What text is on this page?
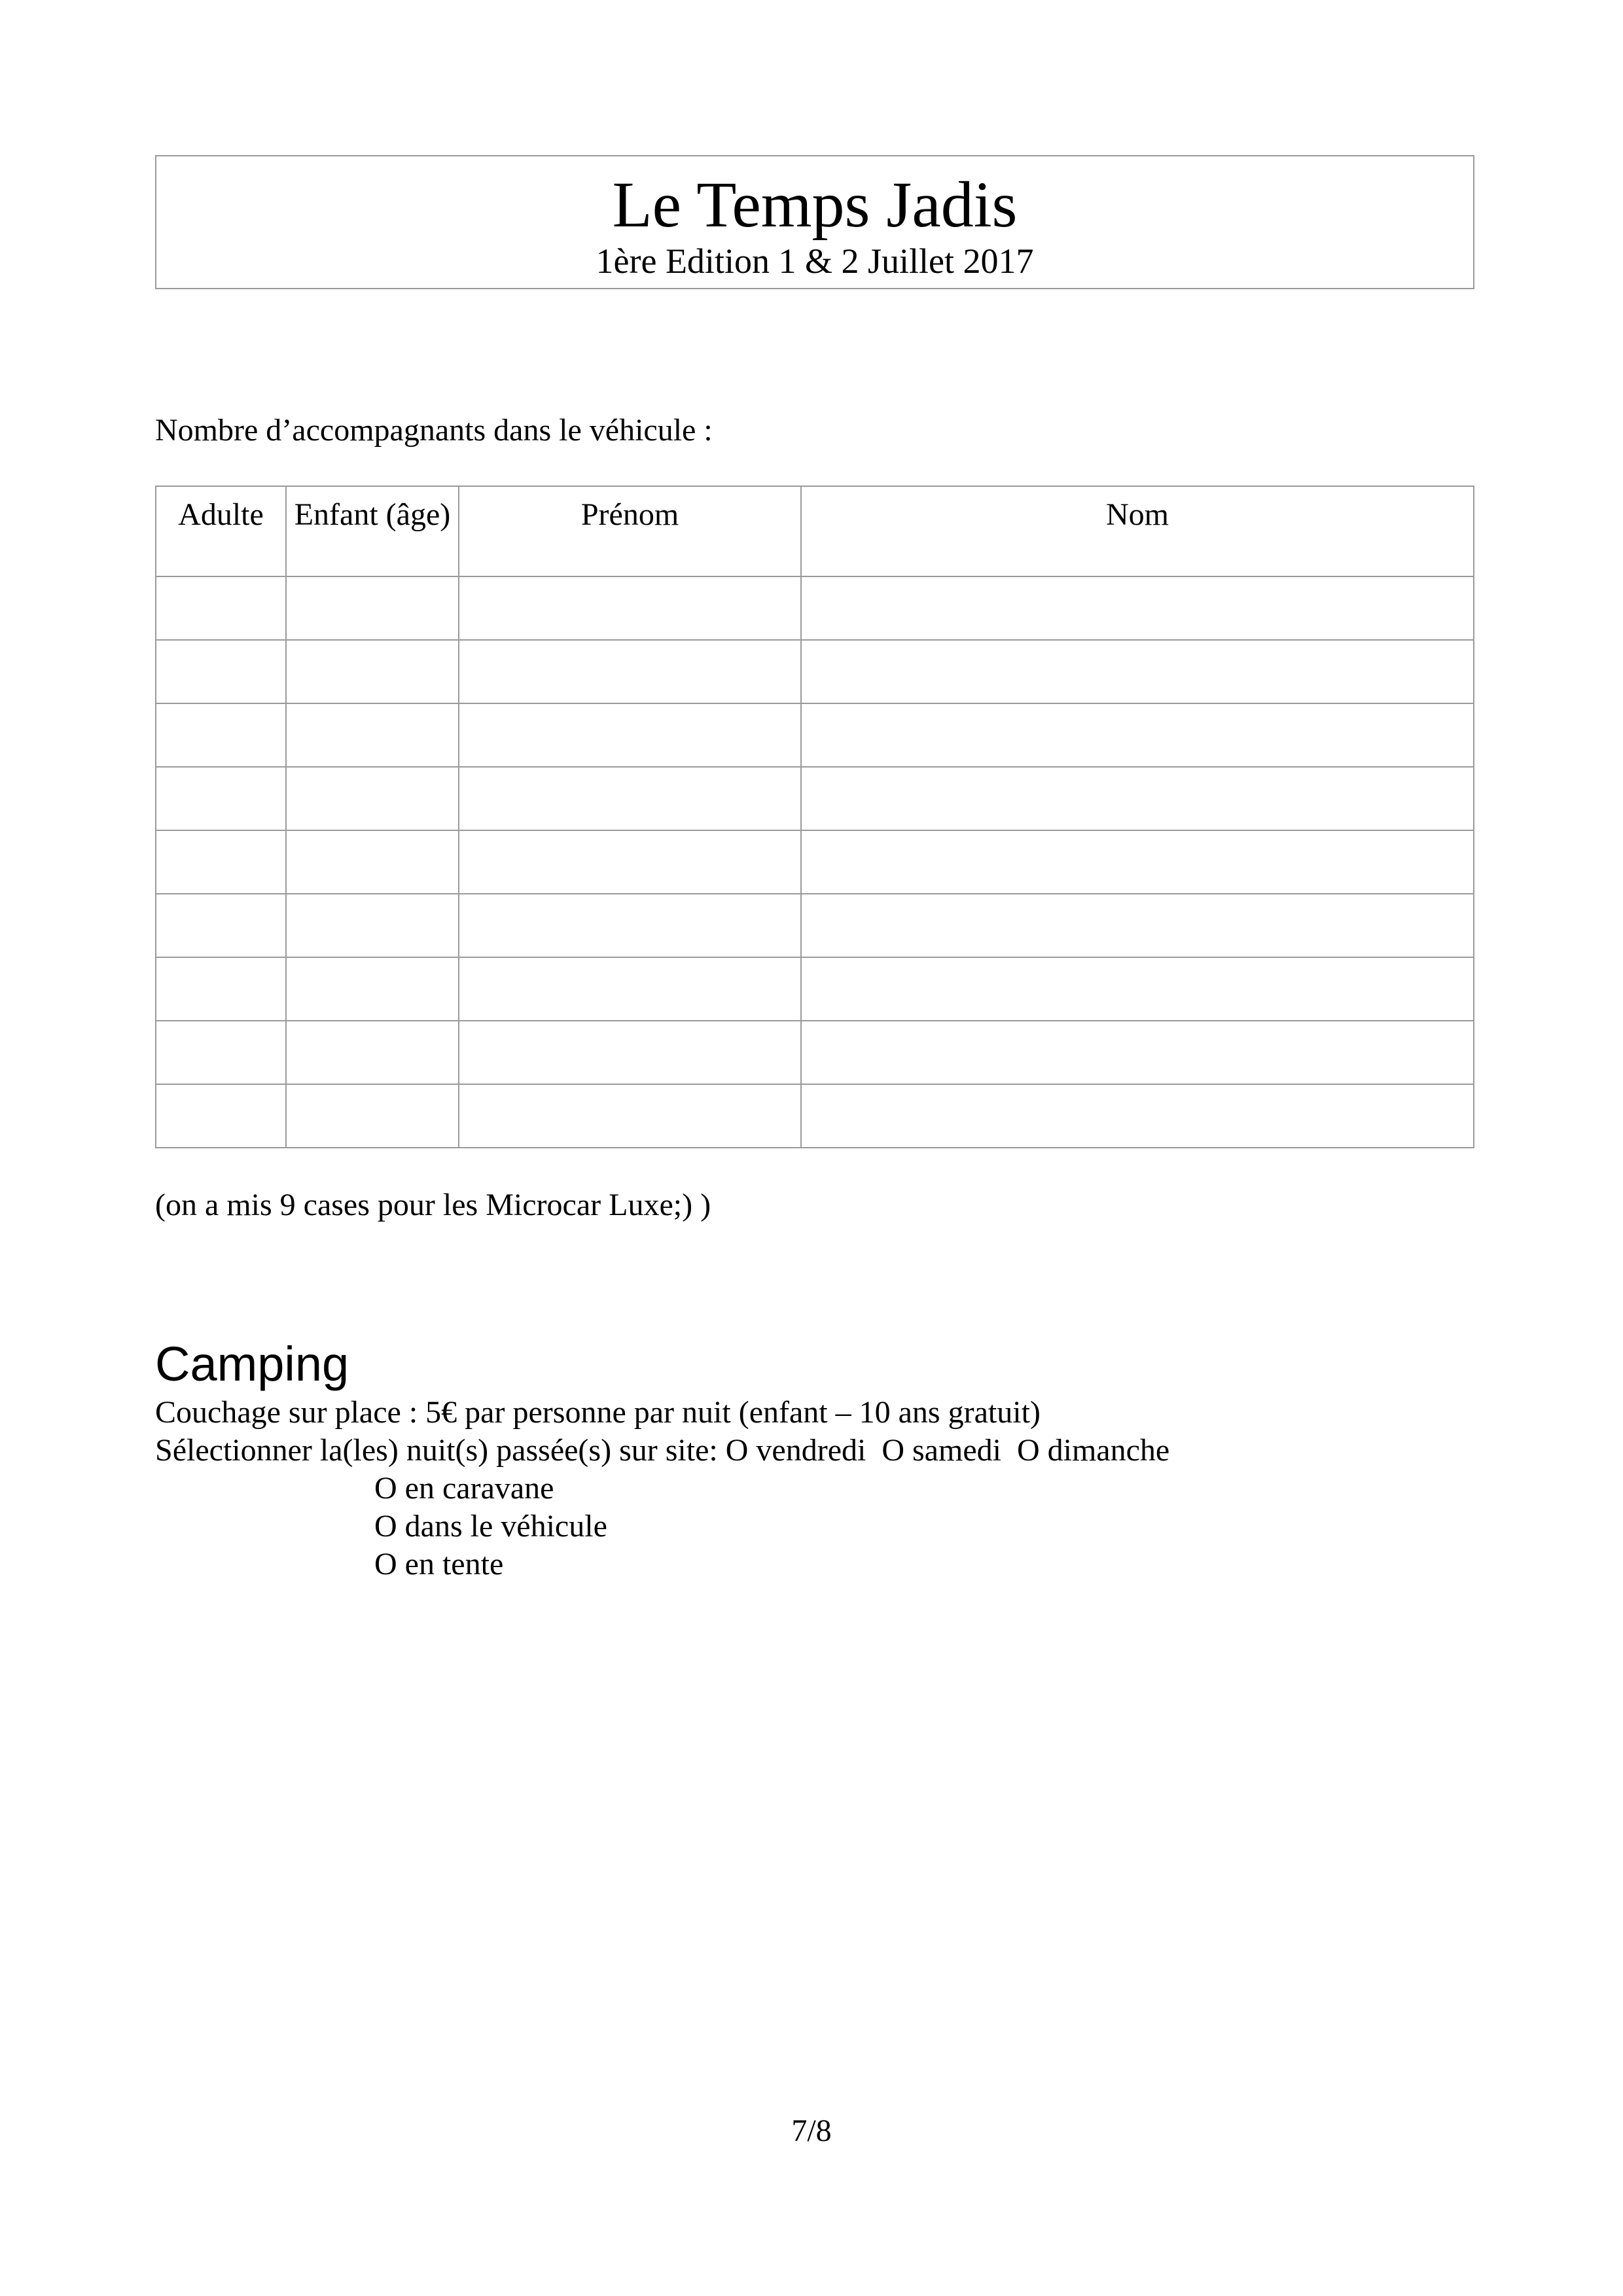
Le Temps Jadis
1ère Edition 1 & 2 Juillet 2017
Nombre d’accompagnants dans le véhicule :
Adulte	Enfant (âge)	Prénom	Nom

(on a mis 9 cases pour les Microcar Luxe;) )
Camping
Couchage sur place : 5€ par personne par nuit (enfant – 10 ans gratuit)
Sélectionner la(les) nuit(s) passée(s) sur site: O vendredi  O samedi  O dimanche
O en caravane
O dans le véhicule
O en tente
7/8
